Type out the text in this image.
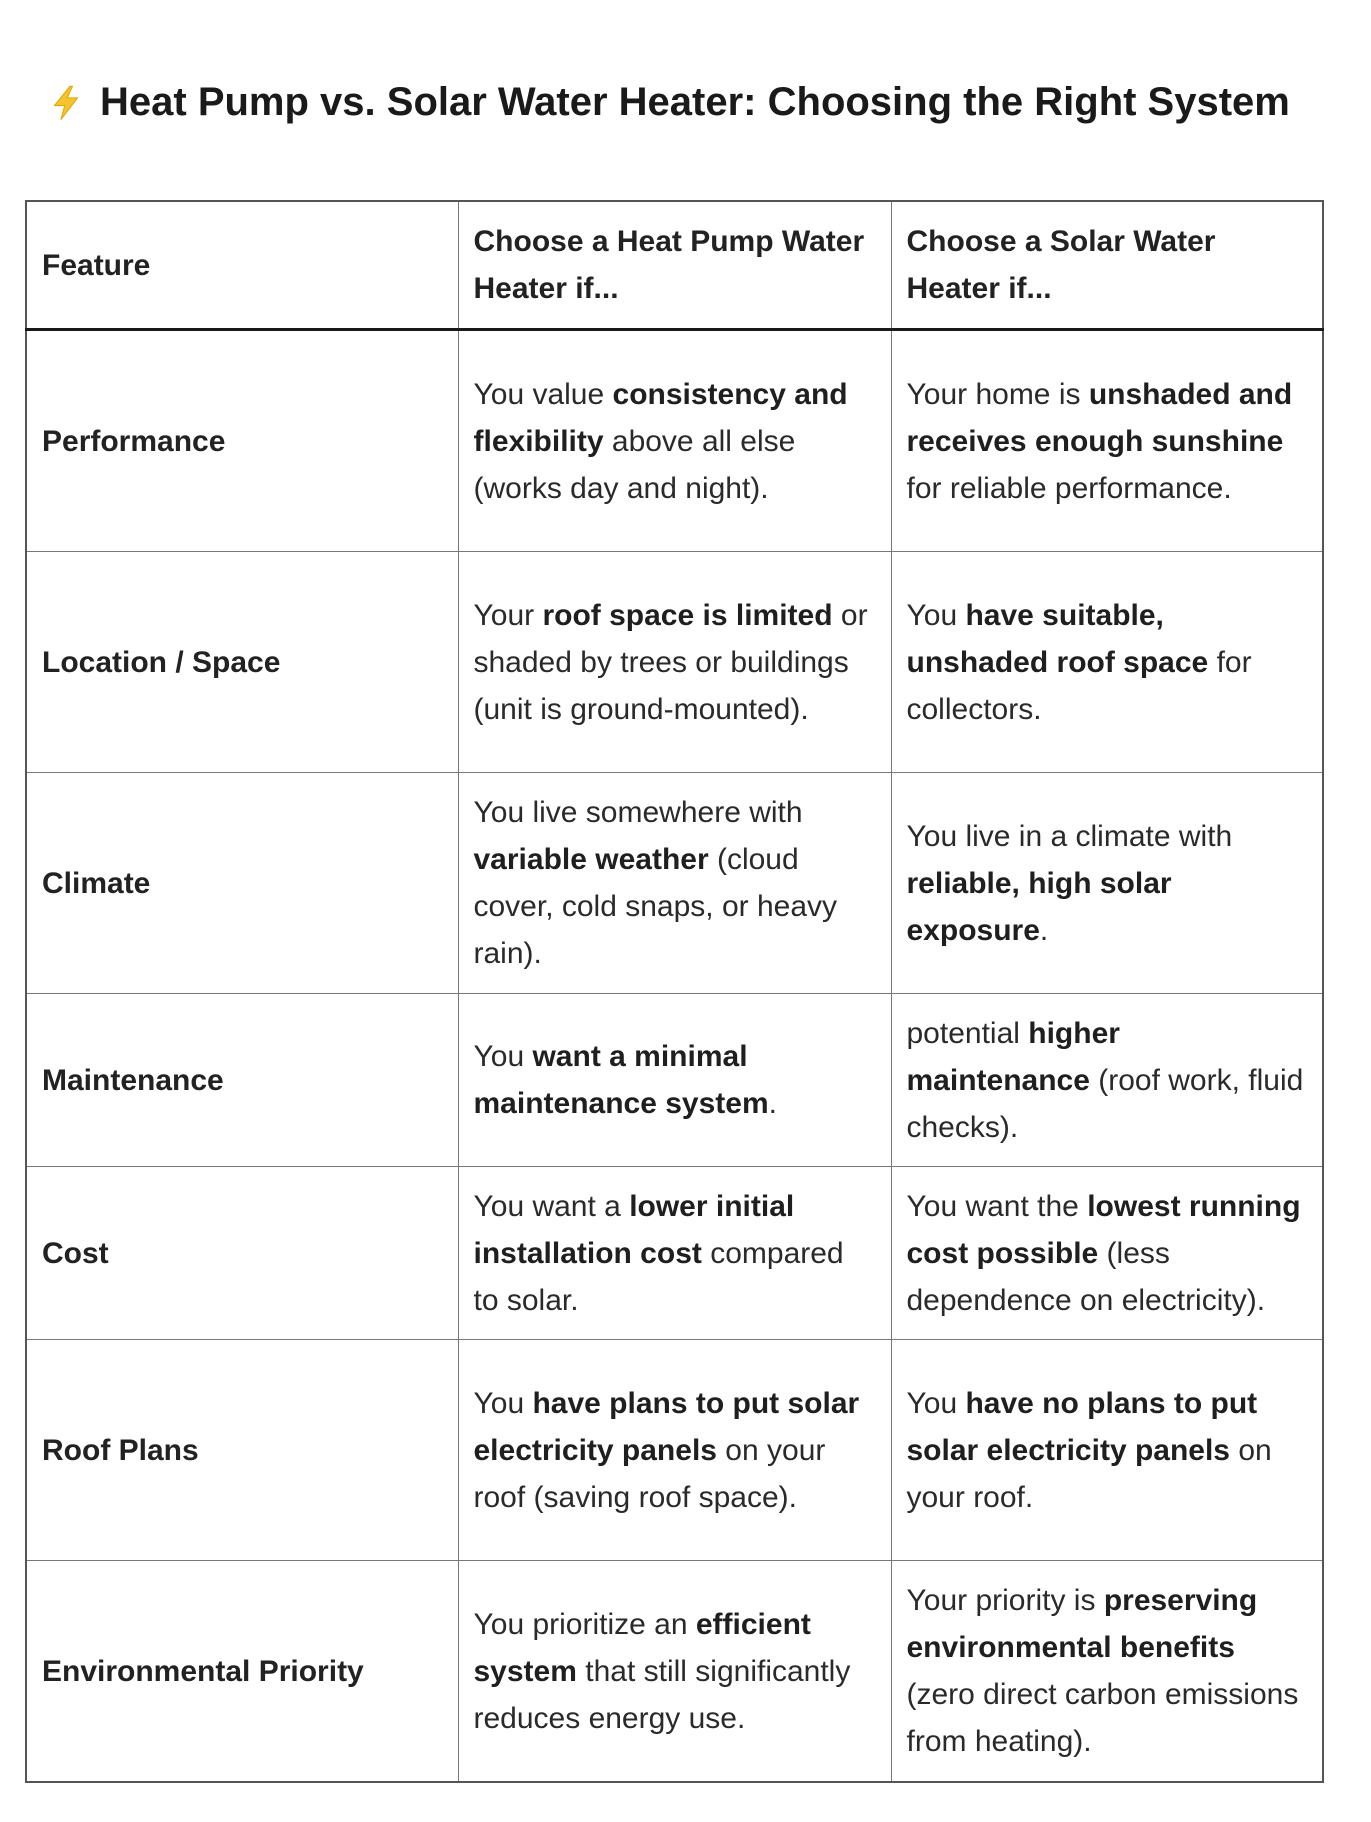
Heat Pump vs. Solar Water Heater: Choosing the Right System
Feature	Choose a Heat Pump Water Heater if...	Choose a Solar Water Heater if...
Performance	You value consistency and flexibility above all else (works day and night).	Your home is unshaded and receives enough sunshine for reliable performance.
Location / Space	Your roof space is limited or shaded by trees or buildings (unit is ground-mounted).	You have suitable, unshaded roof space for collectors.
Climate	You live somewhere with variable weather (cloud cover, cold snaps, or heavy rain).	You live in a climate with reliable, high solar exposure.
Maintenance	You want a minimal maintenance system.	potential higher maintenance (roof work, fluid checks).
Cost	You want a lower initial installation cost compared to solar.	You want the lowest running cost possible (less dependence on electricity).
Roof Plans	You have plans to put solar electricity panels on your roof (saving roof space).	You have no plans to put solar electricity panels on your roof.
Environmental Priority	You prioritize an efficient system that still significantly reduces energy use.	Your priority is preserving environmental benefits (zero direct carbon emissions from heating).
